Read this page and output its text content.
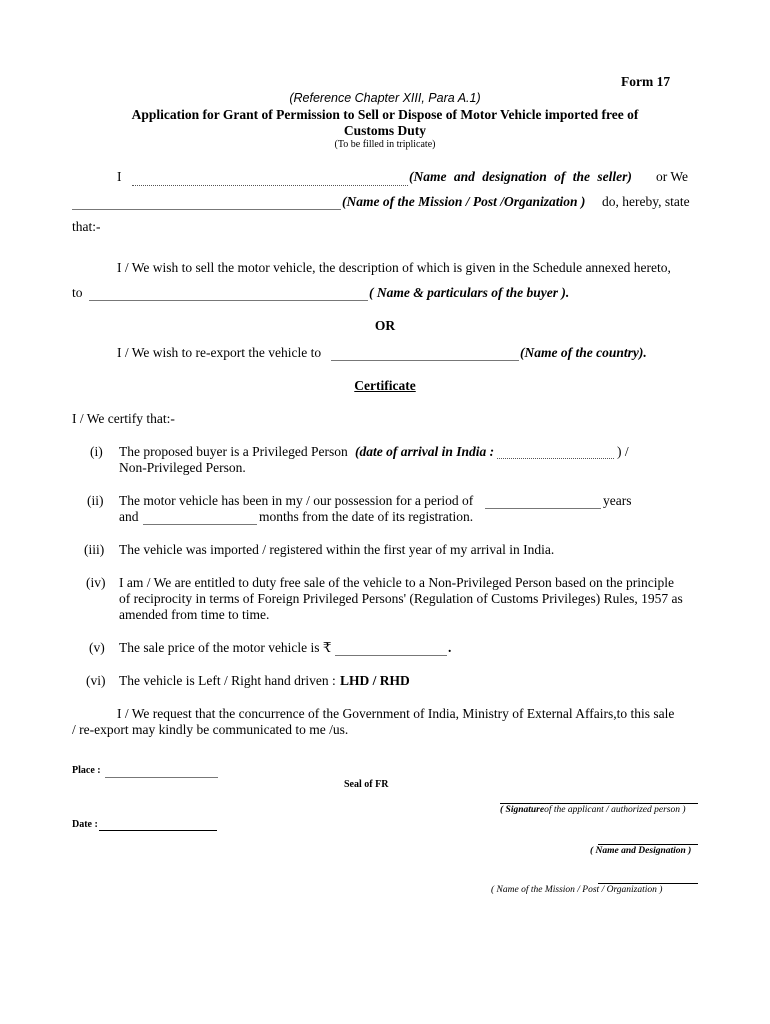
Form 17
(Reference Chapter XIII, Para A.1)
Application for Grant of Permission to Sell or Dispose of Motor Vehicle imported free of
Customs Duty
(To be filled in triplicate)
I	(Name and designation of the seller) or We
(Name of the Mission / Post /Organization ) do, hereby, state
that:-
I / We wish to sell the motor vehicle, the description of which is given in the Schedule annexed hereto,
to	( Name & particulars of the buyer ).
OR
I / We wish to re-export the vehicle to	(Name of the country).
Certificate
I / We certify that:-
(i) The proposed buyer is a Privileged Person (date of arrival in India :	) /
Non-Privileged Person.
(ii) The motor vehicle has been in my / our possession for a period of	years
and	months from the date of its registration.
(iii) The vehicle was imported / registered within the first year of my arrival in India.
(iv) I am / We are entitled to duty free sale of the vehicle to a Non-Privileged Person based on the principle
of reciprocity in terms of Foreign Privileged Persons' (Regulation of Customs Privileges) Rules, 1957 as
amended from time to time.
(v) The sale price of the motor vehicle is ₹	.
(vi) The vehicle is Left / Right hand driven : LHD / RHD
I / We request that the concurrence of the Government of India, Ministry of External Affairs,to this sale
/ re-export may kindly be communicated to me /us.
Place :
Seal of FR
( Signatureof the applicant / authorized person )
Date :
( Name and Designation )
( Name of the Mission / Post / Organization )
